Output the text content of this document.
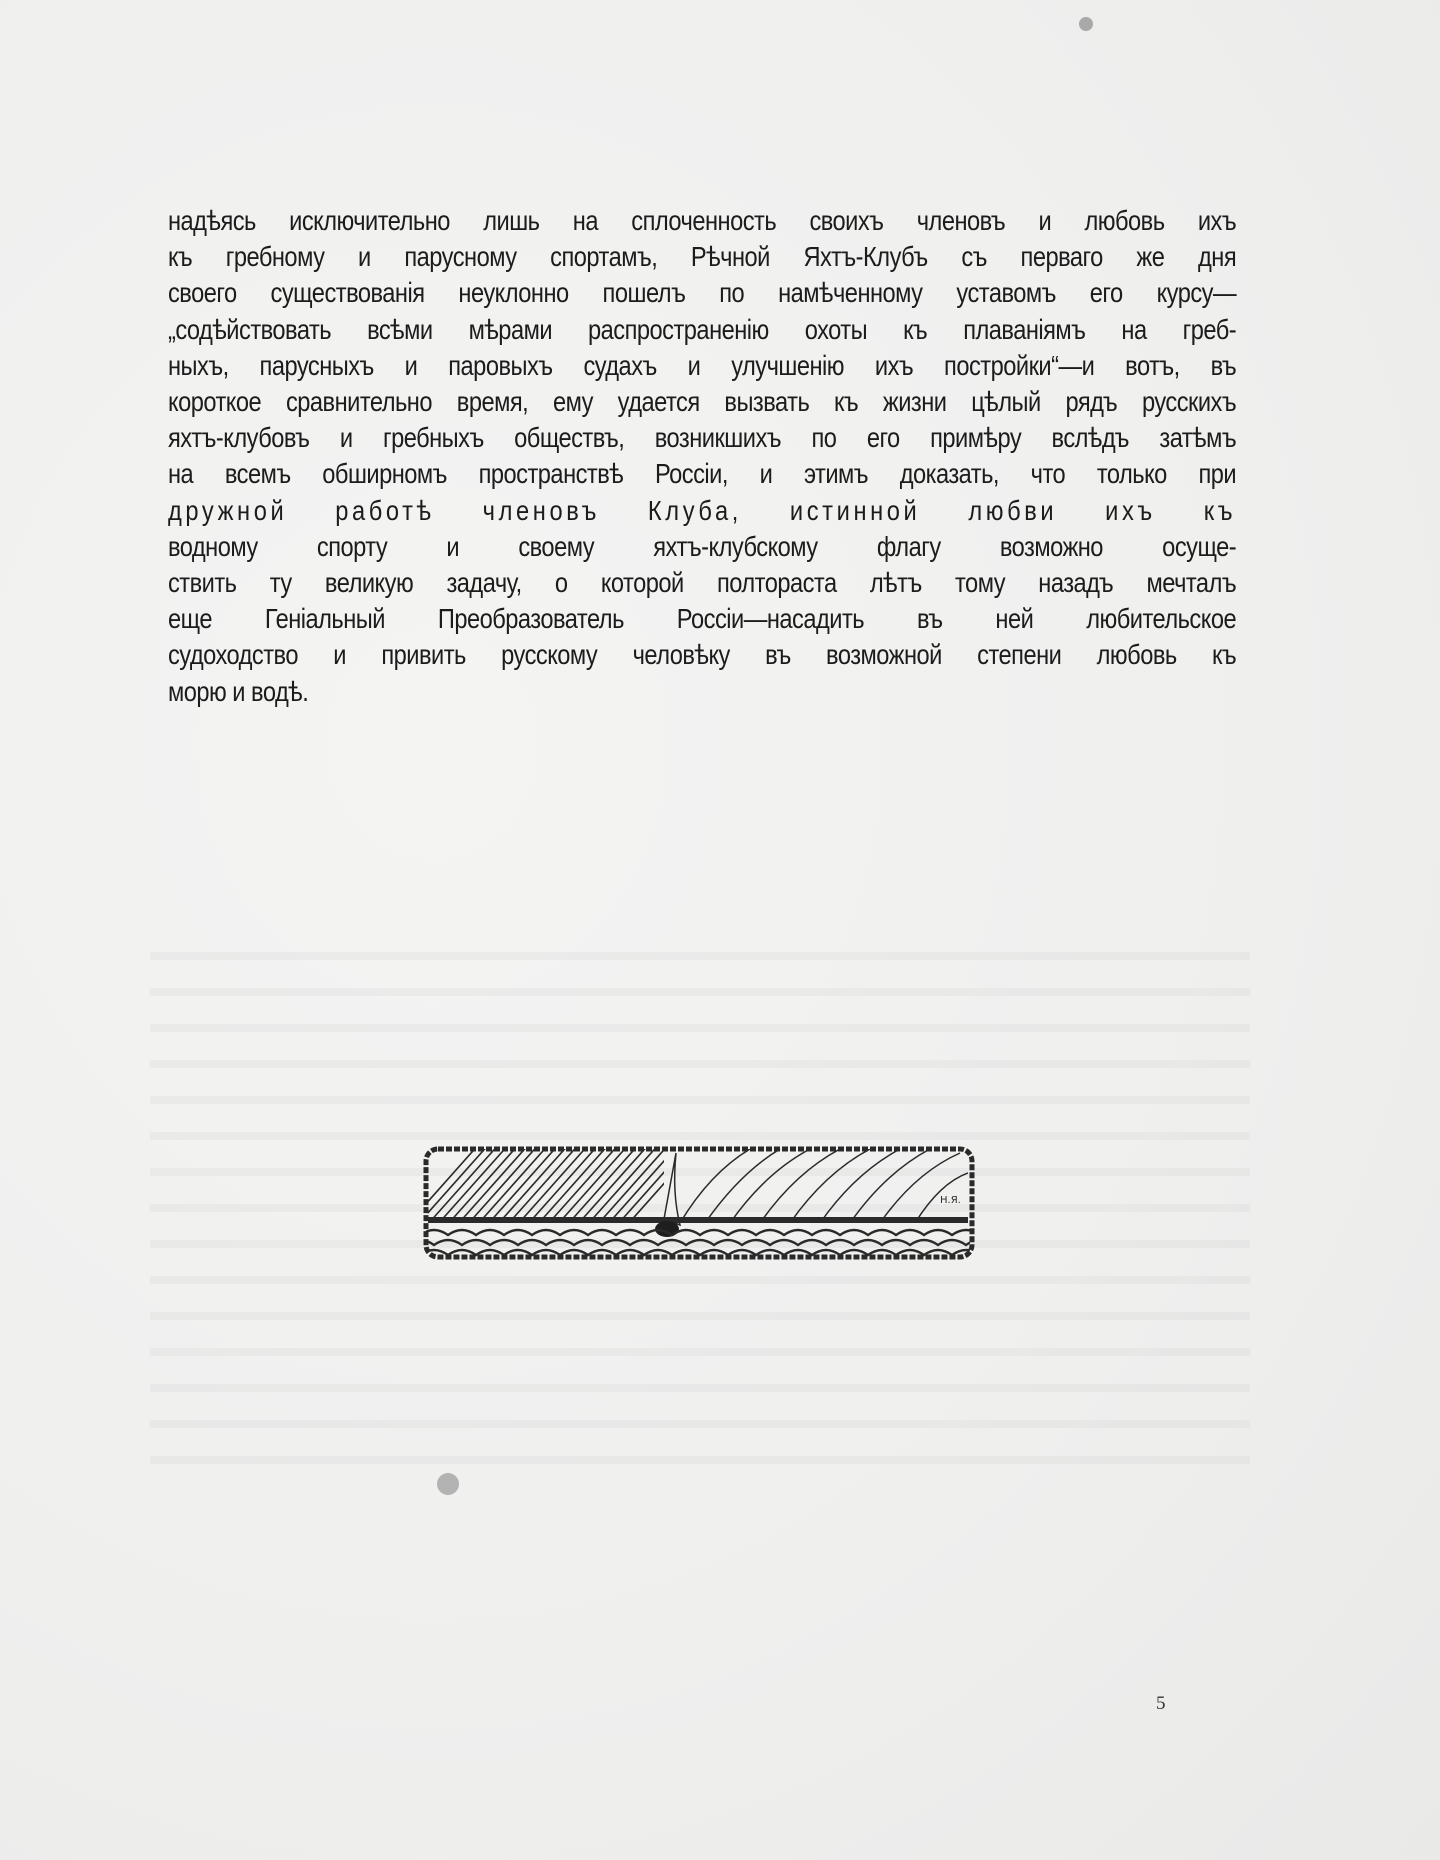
надѣясь исключительно лишь на сплоченность своихъ членовъ и любовь ихъ
къ гребному и парусному спортамъ, Рѣчной Яхтъ-Клубъ съ перваго же дня
своего существованія неуклонно пошелъ по намѣченному уставомъ его курсу—
„содѣйствовать всѣми мѣрами распространенію охоты къ плаваніямъ на греб-
ныхъ, парусныхъ и паровыхъ судахъ и улучшенію ихъ постройки“—и вотъ, въ
короткое сравнительно время, ему удается вызвать къ жизни цѣлый рядъ русскихъ
яхтъ-клубовъ и гребныхъ обществъ, возникшихъ по его примѣру вслѣдъ затѣмъ
на всемъ обширномъ пространствѣ Россіи, и этимъ доказать, что только при
дружной работѣ членовъ Клуба, истинной любви ихъ къ
водному спорту и своему яхтъ-клубскому флагу возможно осуще-
ствить ту великую задачу, о которой полтораста лѣтъ тому назадъ мечталъ
еще Геніальный Преобразователь Россіи—насадить въ ней любительское
судоходство и привить русскому человѣку въ возможной степени любовь къ
морю и водѣ.
Н.Я.
5
